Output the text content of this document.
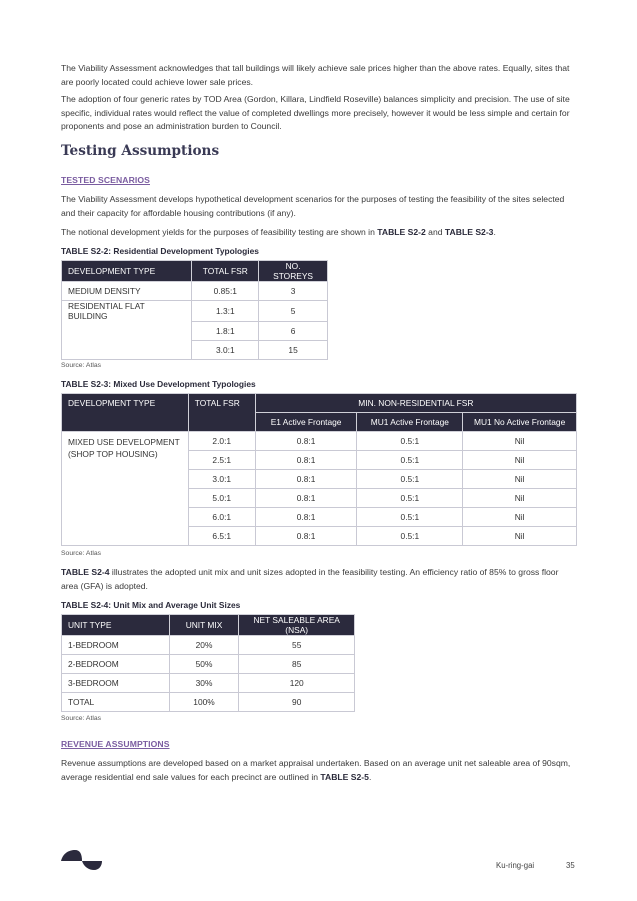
The Viability Assessment acknowledges that tall buildings will likely achieve sale prices higher than the above rates. Equally, sites that are poorly located could achieve lower sale prices.

The adoption of four generic rates by TOD Area (Gordon, Killara, Lindfield Roseville) balances simplicity and precision. The use of site specific, individual rates would reflect the value of completed dwellings more precisely, however it would be less simple and certain for proponents and pose an administration burden to Council.

Testing Assumptions
TESTED SCENARIOS

The Viability Assessment develops hypothetical development scenarios for the purposes of testing the feasibility of the sites selected and their capacity for affordable housing contributions (if any).

The notional development yields for the purposes of feasibility testing are shown in TABLE S2-2 and TABLE S2-3.

TABLE S2-2: Residential Development Typologies
DEVELOPMENT TYPE	TOTAL FSR	NO. STOREYS
MEDIUM DENSITY	0.85:1	3
RESIDENTIAL FLAT BUILDING	1.3:1	5
	1.8:1	6
	3.0:1	15
Source: Atlas
TABLE S2-3: Mixed Use Development Typologies
DEVELOPMENT TYPE	TOTAL FSR	MIN. NON-RESIDENTIAL FSR		
		E1 Active Frontage	MU1 Active Frontage	MU1 No Active Frontage

MIXED USE DEVELOPMENT
(SHOP TOP HOUSING)	2.0:1	0.8:1	0.5:1	Nil
	2.5:1	0.8:1	0.5:1	Nil
	3.0:1	0.8:1	0.5:1	Nil
	5.0:1	0.8:1	0.5:1	Nil
	6.0:1	0.8:1	0.5:1	Nil
	6.5:1	0.8:1	0.5:1	Nil
Source: Atlas

TABLE S2-4 illustrates the adopted unit mix and unit sizes adopted in the feasibility testing. An efficiency ratio of 85% to gross floor area (GFA) is adopted.

TABLE S2-4: Unit Mix and Average Unit Sizes
UNIT TYPE	UNIT MIX	NET SALEABLE AREA (NSA)
1-BEDROOM	20%	55
2-BEDROOM	50%	85
3-BEDROOM	30%	120
TOTAL	100%	90
Source: Atlas
REVENUE ASSUMPTIONS

Revenue assumptions are developed based on a market appraisal undertaken. Based on an average unit net saleable area of 90sqm, average residential end sale values for each precinct are outlined in TABLE S2-5.

Ku-ring-gai	35
